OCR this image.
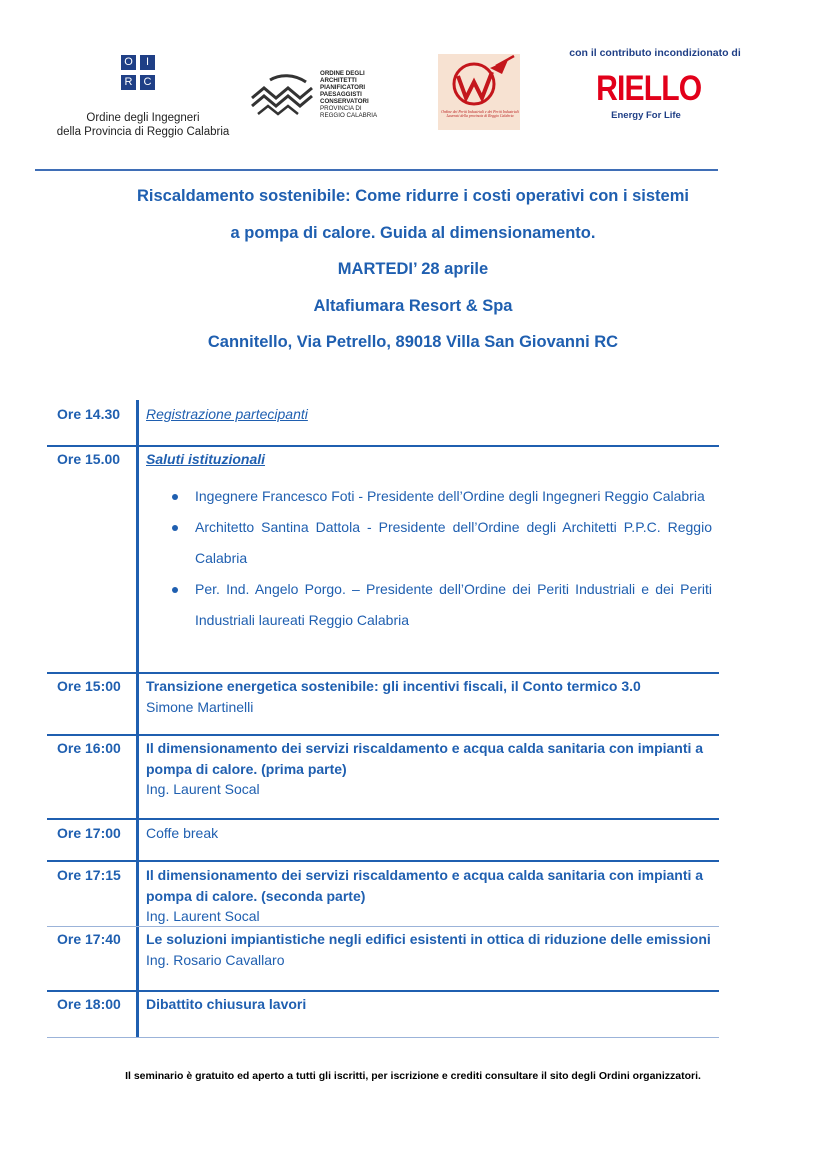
O	I
R	C
Ordine degli Ingegneri
della Provincia di Reggio Calabria
ORDINE DEGLI
ARCHITETTI
PIANIFICATORI
PAESAGGISTI
CONSERVATORI
PROVINCIA DI
REGGIO CALABRIA	Ordine dei Periti Industriali e dei Periti Industriali Laureati della provincia di Reggio Calabria
con il contributo incondizionato di
RIELLO
Energy For Life
Riscaldamento sostenibile: Come ridurre i costi operativi con i sistemi
a pompa di calore. Guida al dimensionamento.
MARTEDI’ 28 aprile
Altafiumara Resort & Spa
Cannitello, Via Petrello, 89018 Villa San Giovanni RC
Ore 14.30	Registrazione partecipanti
Ore 15.00	Saluti istituzionali
Ingegnere Francesco Foti - Presidente dell’Ordine degli Ingegneri Reggio Calabria
Architetto Santina Dattola - Presidente dell’Ordine degli Architetti P.P.C. Reggio Calabria
Per. Ind. Angelo Porgo. – Presidente dell’Ordine dei Periti Industriali e dei Periti Industriali laureati Reggio Calabria
Ore 15:00	Transizione energetica sostenibile: gli incentivi fiscali, il Conto termico 3.0
Simone Martinelli
Ore 16:00	Il dimensionamento dei servizi riscaldamento e acqua calda sanitaria con impianti a pompa di calore. (prima parte)
Ing. Laurent Socal
Ore 17:00	Coffe break
Ore 17:15	Il dimensionamento dei servizi riscaldamento e acqua calda sanitaria con impianti a pompa di calore. (seconda parte)
Ing. Laurent Socal
Ore 17:40	Le soluzioni impiantistiche negli edifici esistenti in ottica di riduzione delle emissioni
Ing. Rosario Cavallaro
Ore 18:00	Dibattito chiusura lavori
Il seminario è gratuito ed aperto a tutti gli iscritti, per iscrizione e crediti consultare il sito degli Ordini organizzatori.
